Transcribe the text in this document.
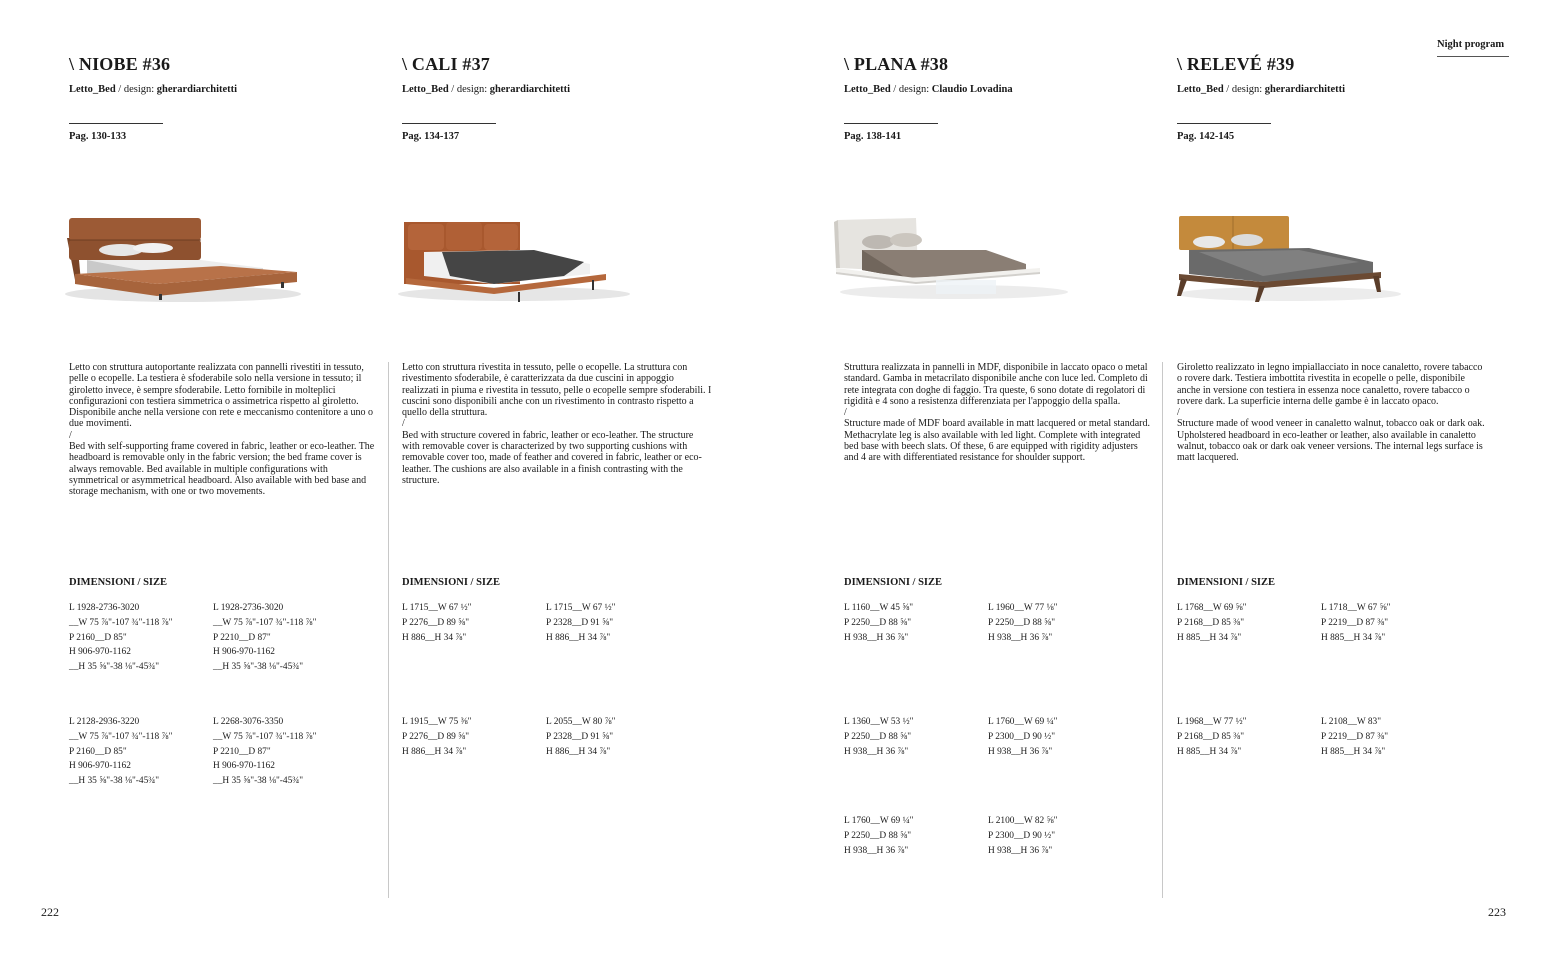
Night program
\ NIOBE #36
Letto_Bed / design: gherardiarchitetti
Pag. 130-133

Letto con struttura autoportante realizzata con pannelli rivestiti in tessuto, pelle o ecopelle. La testiera è sfoderabile solo nella versione in tessuto; il giroletto invece, è sempre sfoderabile. Letto fornibile in molteplici configurazioni con testiera simmetrica o assimetrica rispetto al giroletto. Disponibile anche nella versione con rete e meccanismo contenitore a uno o due movimenti.

/

Bed with self-supporting frame covered in fabric, leather or eco-leather. The headboard is removable only in the fabric version; the bed frame cover is always removable. Bed available in multiple configurations with symmetrical or asymmetrical headboard. Also available with bed base and storage mechanism, with one or two movements.

DIMENSIONI / SIZE
L 1928-2736-3020
__W 75 ⅞"-107 ¾"-118 ⅞"
P 2160__D 85"
H 906-970-1162
__H 35 ⅝"-38 ⅛"-45¾"
L 1928-2736-3020
__W 75 ⅞"-107 ¾"-118 ⅞"
P 2210__D 87"
H 906-970-1162
__H 35 ⅝"-38 ⅛"-45¾"
L 2128-2936-3220
__W 75 ⅞"-107 ¾"-118 ⅞"
P 2160__D 85"
H 906-970-1162
__H 35 ⅝"-38 ⅛"-45¾"
L 2268-3076-3350
__W 75 ⅞"-107 ¾"-118 ⅞"
P 2210__D 87"
H 906-970-1162
__H 35 ⅝"-38 ⅛"-45¾"
\ CALI #37
Letto_Bed / design: gherardiarchitetti
Pag. 134-137

Letto con struttura rivestita in tessuto, pelle o ecopelle. La struttura con rivestimento sfoderabile, è caratterizzata da due cuscini in appoggio realizzati in piuma e rivestita in tessuto, pelle o ecopelle sempre sfoderabili. I cuscini sono disponibili anche con un rivestimento in contrasto rispetto a quello della struttura.

/

Bed with structure covered in fabric, leather or eco-leather. The structure with removable cover is characterized by two supporting cushions with removable cover too, made of feather and covered in fabric, leather or eco-leather. The cushions are also available in a finish contrasting with the structure.

DIMENSIONI / SIZE
L 1715__W 67 ½"
P 2276__D 89 ⅝"
H 886__H 34 ⅞"
L 1715__W 67 ½"
P 2328__D 91 ⅝"
H 886__H 34 ⅞"
L 1915__W 75 ⅜"
P 2276__D 89 ⅝"
H 886__H 34 ⅞"
L 2055__W 80 ⅞"
P 2328__D 91 ⅝"
H 886__H 34 ⅞"
\ PLANA #38
Letto_Bed / design: Claudio Lovadina
Pag. 138-141

Struttura realizzata in pannelli in MDF, disponibile in laccato opaco o metal standard. Gamba in metacrilato disponibile anche con luce led. Completo di rete integrata con doghe di faggio. Tra queste, 6 sono dotate di regolatori di rigidità e 4 sono a resistenza differenziata per l'appoggio della spalla.

/

Structure made of MDF board available in matt lacquered or metal standard. Methacrylate leg is also available with led light. Complete with integrated bed base with beech slats. Of these, 6 are equipped with rigidity adjusters and 4 are with differentiated resistance for shoulder support.

DIMENSIONI / SIZE
L 1160__W 45 ⅝"
P 2250__D 88 ⅝"
H 938__H 36 ⅞"
L 1960__W 77 ⅛"
P 2250__D 88 ⅝"
H 938__H 36 ⅞"
L 1360__W 53 ½"
P 2250__D 88 ⅝"
H 938__H 36 ⅞"
L 1760__W 69 ¼"
P 2300__D 90 ½"
H 938__H 36 ⅞"
L 1760__W 69 ¼"
P 2250__D 88 ⅝"
H 938__H 36 ⅞"
L 2100__W 82 ⅝"
P 2300__D 90 ½"
H 938__H 36 ⅞"
\ RELEVÉ #39
Letto_Bed / design: gherardiarchitetti
Pag. 142-145

Giroletto realizzato in legno impiallacciato in noce canaletto, rovere tabacco o rovere dark. Testiera imbottita rivestita in ecopelle o pelle, disponibile anche in versione con testiera in essenza noce canaletto, rovere tabacco o rovere dark. La superficie interna delle gambe è in laccato opaco.

/

Structure made of wood veneer in canaletto walnut, tobacco oak or dark oak. Upholstered headboard in eco-leather or leather, also available in canaletto walnut, tobacco oak or dark oak veneer versions. The internal legs surface is matt lacquered.

DIMENSIONI / SIZE
L 1768__W 69 ⅝"
P 2168__D 85 ⅜"
H 885__H 34 ⅞"
L 1718__W 67 ⅝"
P 2219__D 87 ⅜"
H 885__H 34 ⅞"
L 1968__W 77 ½"
P 2168__D 85 ⅜"
H 885__H 34 ⅞"
L 2108__W 83"
P 2219__D 87 ⅜"
H 885__H 34 ⅞"
222	223
